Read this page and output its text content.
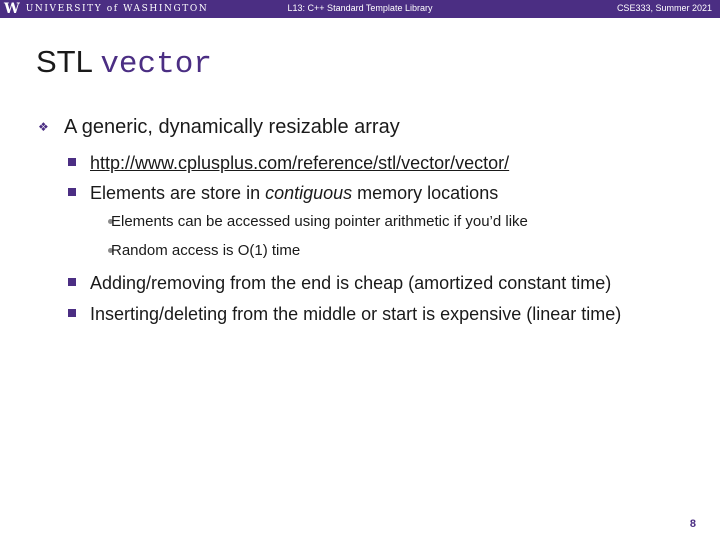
W UNIVERSITY of WASHINGTON	L13: C++ Standard Template Library	CSE333, Summer 2021
STL vector
❖ A generic, dynamically resizable array
http://www.cplusplus.com/reference/stl/vector/vector/
Elements are store in contiguous memory locations
Elements can be accessed using pointer arithmetic if you’d like
Random access is O(1) time
Adding/removing from the end is cheap (amortized constant time)
Inserting/deleting from the middle or start is expensive (linear time)
8
